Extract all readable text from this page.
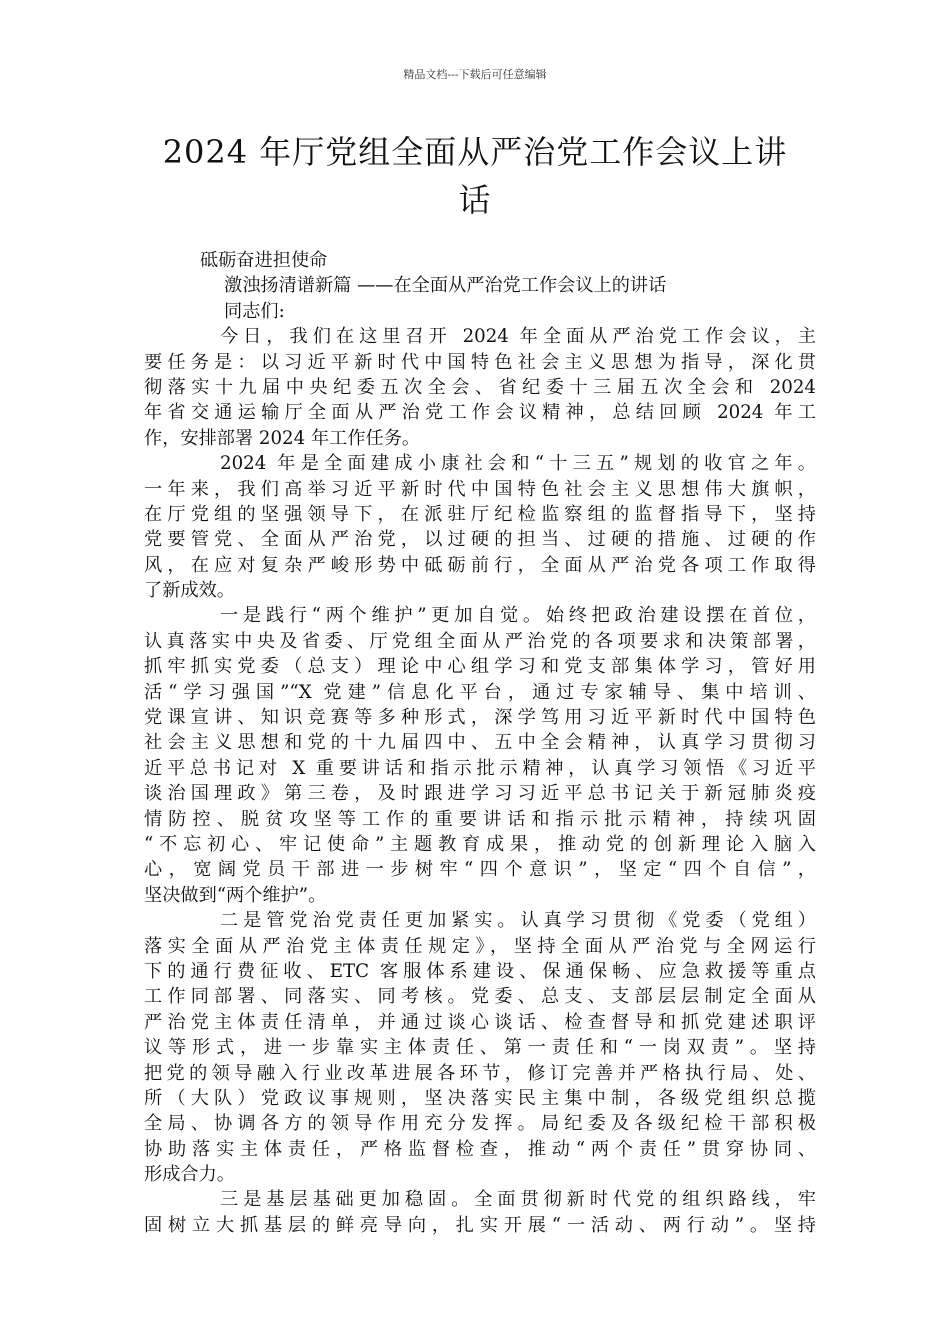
精品文档---下载后可任意编辑
2024 年厅党组全面从严治党工作会议上讲
话
砥砺奋进担使命
激浊扬清谱新篇 ——在全面从严治党工作会议上的讲话
同志们:
今日，我们在这里召开 2024 年全面从严治党工作会议，主
要任务是：以习近平新时代中国特色社会主义思想为指导，深化贯
彻落实十九届中央纪委五次全会、省纪委十三届五次全会和 2024
年省交通运输厅全面从严治党工作会议精神，总结回顾 2024 年工
作，安排部署 2024 年工作任务。
2024 年是全面建成小康社会和“十三五”规划的收官之年。
一年来，我们高举习近平新时代中国特色社会主义思想伟大旗帜，
在厅党组的坚强领导下，在派驻厅纪检监察组的监督指导下，坚持
党要管党、全面从严治党，以过硬的担当、过硬的措施、过硬的作
风，在应对复杂严峻形势中砥砺前行，全面从严治党各项工作取得
了新成效。
一是践行“两个维护”更加自觉。始终把政治建设摆在首位，
认真落实中央及省委、厅党组全面从严治党的各项要求和决策部署，
抓牢抓实党委（总支）理论中心组学习和党支部集体学习，管好用
活“学习强国”“X 党建”信息化平台，通过专家辅导、集中培训、
党课宣讲、知识竞赛等多种形式，深学笃用习近平新时代中国特色
社会主义思想和党的十九届四中、五中全会精神，认真学习贯彻习
近平总书记对 X 重要讲话和指示批示精神，认真学习领悟《习近平
谈治国理政》第三卷，及时跟进学习习近平总书记关于新冠肺炎疫
情防控、脱贫攻坚等工作的重要讲话和指示批示精神，持续巩固
“不忘初心、牢记使命”主题教育成果，推动党的创新理论入脑入
心，宽阔党员干部进一步树牢“四个意识”，坚定“四个自信”，
坚决做到“两个维护”。
二是管党治党责任更加紧实。认真学习贯彻《党委（党组）
落实全面从严治党主体责任规定》，坚持全面从严治党与全网运行
下的通行费征收、ETC 客服体系建设、保通保畅、应急救援等重点
工作同部署、同落实、同考核。党委、总支、支部层层制定全面从
严治党主体责任清单，并通过谈心谈话、检查督导和抓党建述职评
议等形式，进一步靠实主体责任、第一责任和“一岗双责”。坚持
把党的领导融入行业改革进展各环节，修订完善并严格执行局、处、
所（大队）党政议事规则，坚决落实民主集中制，各级党组织总揽
全局、协调各方的领导作用充分发挥。局纪委及各级纪检干部积极
协助落实主体责任，严格监督检查，推动“两个责任”贯穿协同、
形成合力。
三是基层基础更加稳固。全面贯彻新时代党的组织路线，牢
固树立大抓基层的鲜亮导向，扎实开展“一活动、两行动”。坚持
